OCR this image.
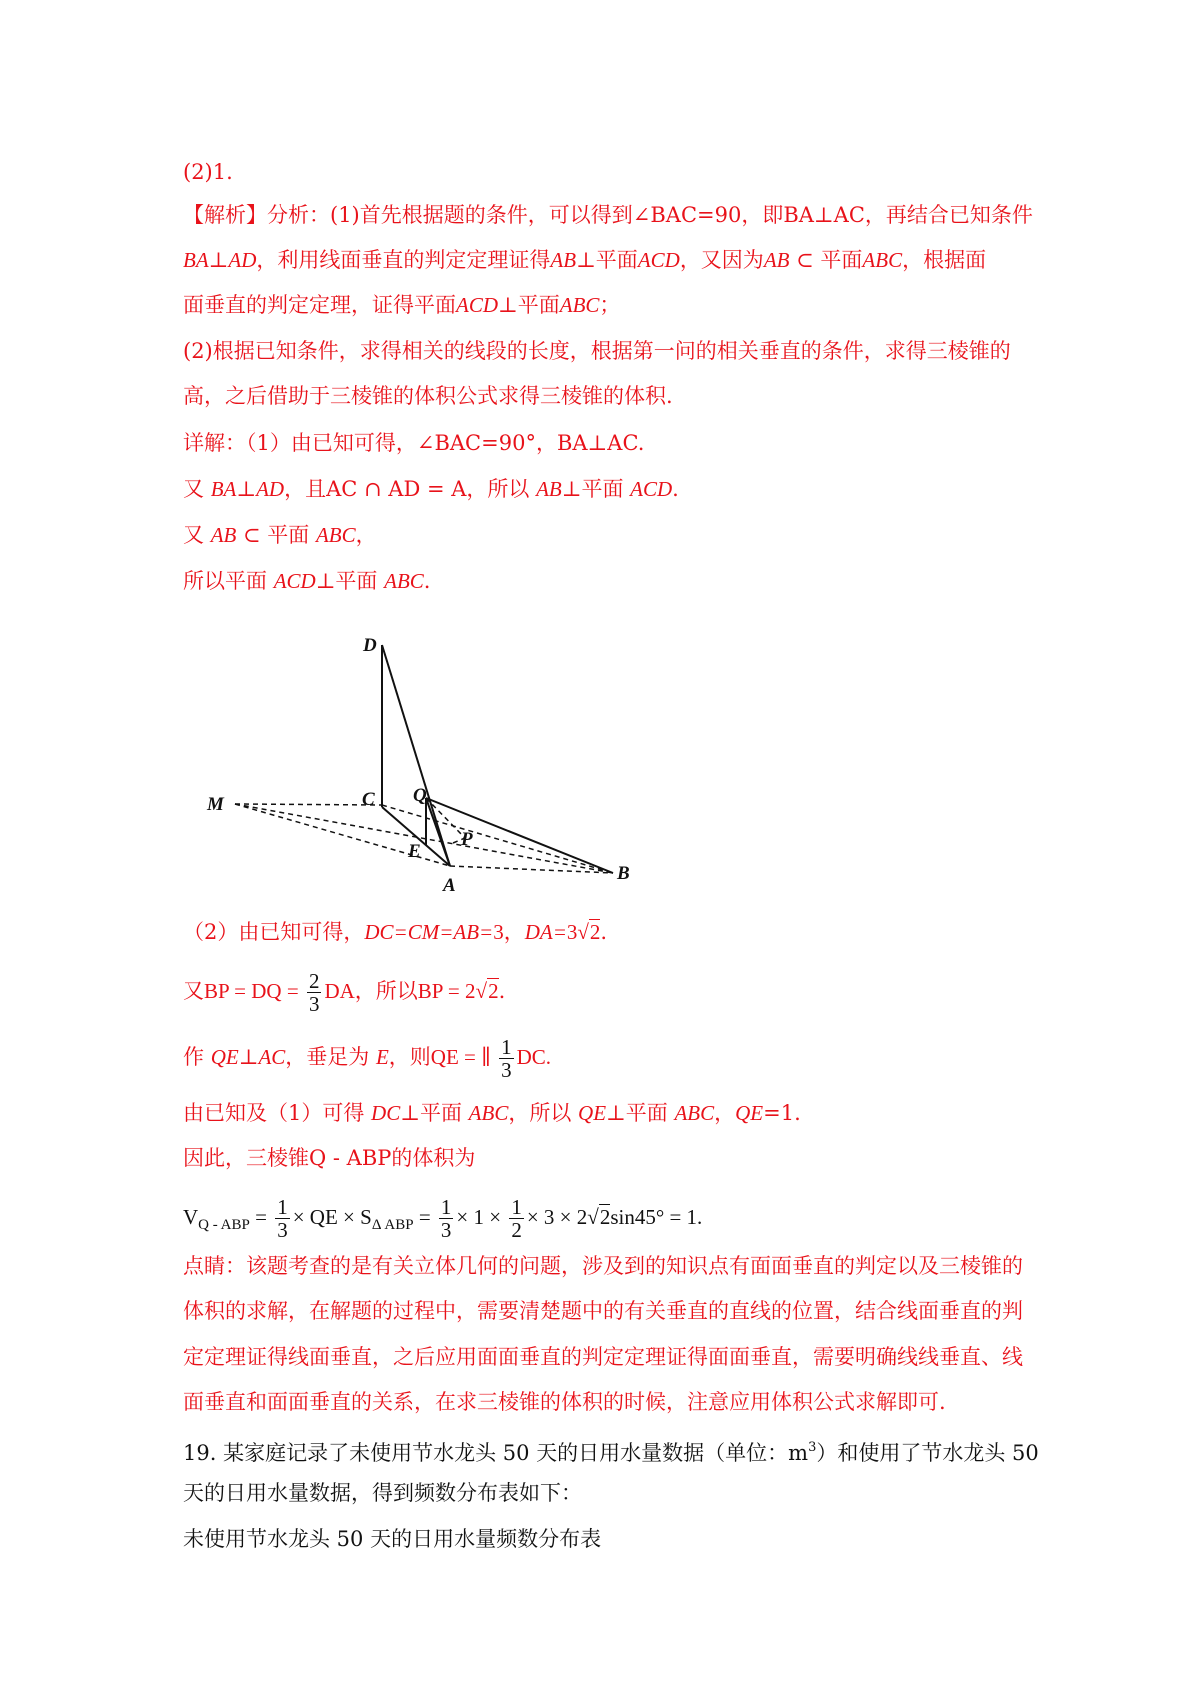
(2)1.
【解析】分析：(1)首先根据题的条件，可以得到∠BAC=90，即BA⊥AC，再结合已知条件
BA⊥AD，利用线面垂直的判定定理证得AB⊥平面ACD，又因为AB ⊂ 平面ABC，根据面
面垂直的判定定理，证得平面ACD⊥平面ABC；
(2)根据已知条件，求得相关的线段的长度，根据第一问的相关垂直的条件，求得三棱锥的
高，之后借助于三棱锥的体积公式求得三棱锥的体积.
详解：（1）由已知可得，∠BAC=90°，BA⊥AC.
又 BA⊥AD，且AC ∩ AD = A，所以 AB⊥平面 ACD.
又 AB ⊂ 平面 ABC，
所以平面 ACD⊥平面 ABC.
D
M	C Q
E
P
A
B
（2）由已知可得，DC=CM=AB=3，DA=3√2.
又BP = DQ = $\frac{2}{3}$ DA，所以BP = 2√2.
作 QE⊥AC，垂足为 E，则QE = ∥ $\frac{1}{3}$ DC.
由已知及（1）可得 DC⊥平面 ABC，所以 QE⊥平面 ABC，QE=1.
因此，三棱锥Q - ABP的体积为
$V_{Q - ABP} = \frac{1}{3}$ × QE × $S_{\Delta ABP} = \frac{1}{3} \times 1 \times \frac{1}{2} \times 3 \times 2√2\sin 45^\circ = 1$.
点睛：该题考查的是有关立体几何的问题，涉及到的知识点有面面垂直的判定以及三棱锥的
体积的求解，在解题的过程中，需要清楚题中的有关垂直的直线的位置，结合线面垂直的判
定定理证得线面垂直，之后应用面面垂直的判定定理证得面面垂直，需要明确线线垂直、线
面垂直和面面垂直的关系，在求三棱锥的体积的时候，注意应用体积公式求解即可.
19. 某家庭记录了未使用节水龙头 50 天的日用水量数据（单位：$m^3$）和使用了节水龙头 50
天的日用水量数据，得到频数分布表如下：
未使用节水龙头 50 天的日用水量频数分布表
